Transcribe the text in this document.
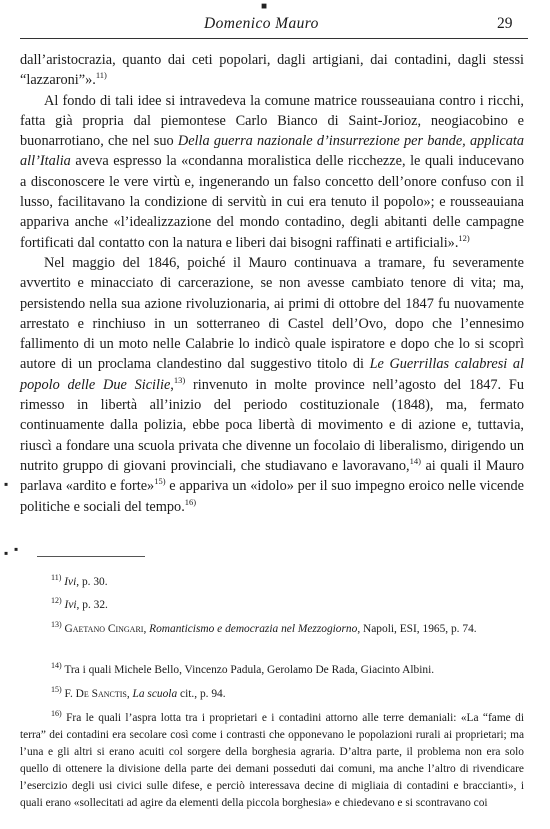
■
Domenico Mauro	29

dall’aristocrazia, quanto dai ceti popolari, dagli artigiani, dai contadini, dagli stessi “lazzaroni”».$^{11)}$

Al fondo di tali idee si intravedeva la comune matrice rousseauiana contro i ricchi, fatta già propria dal piemontese Carlo Bianco di Saint-Jorioz, neogiacobino e buonarrotiano, che nel suo Della guerra nazionale d’insurrezione per bande, applicata all’Italia aveva espresso la «condanna moralistica delle ricchezze, le quali inducevano a disconoscere le vere virtù e, ingenerando un falso concetto dell’onore confuso con il lusso, facilitavano la condizione di servitù in cui era tenuto il popolo»; e rousseauiana appariva anche «l’idealizzazione del mondo contadino, degli abitanti delle campagne fortificati dal contatto con la natura e liberi dai bisogni raffinati e artificiali».$^{12)}$

Nel maggio del 1846, poiché il Mauro continuava a tramare, fu severamente avvertito e minacciato di carcerazione, se non avesse cambiato tenore di vita; ma, persistendo nella sua azione rivoluzionaria, ai primi di ottobre del 1847 fu nuovamente arrestato e rinchiuso in un sotterraneo di Castel dell’Ovo, dopo che l’ennesimo fallimento di un moto nelle Calabrie lo indicò quale ispiratore e dopo che lo si scoprì autore di un proclama clandestino dal suggestivo titolo di Le Guerrillas calabresi al popolo delle Due Sicilie,$^{13)}$ rinvenuto in molte province nell’agosto del 1847. Fu rimesso in libertà all’inizio del periodo costituzionale (1848), ma, fermato continuamente dalla polizia, ebbe poca libertà di movimento e di azione e, tuttavia, riuscì a fondare una scuola privata che divenne un focolaio di liberalismo, dirigendo un nutrito gruppo di giovani provinciali, che studiavano e lavoravano,$^{14)}$ ai quali il Mauro parlava «ardito e forte»$^{15)}$ e appariva un «idolo» per il suo impegno eroico nelle vicende politiche e sociali del tempo.$^{16)}$

▪
▪ ▪
$^{11)}$ Ivi, p. 30.
$^{12)}$ Ivi, p. 32.
$^{13)}$ Gaetano Cingari, Romanticismo e democrazia nel Mezzogiorno, Napoli, ESI, 1965, p. 74.
$^{14)}$ Tra i quali Michele Bello, Vincenzo Padula, Gerolamo De Rada, Giacinto Albini.
$^{15)}$ F. De Sanctis, La scuola cit., p. 94.
$^{16)}$ Fra le quali l’aspra lotta tra i proprietari e i contadini attorno alle terre demaniali: «La “fame di terra” dei contadini era secolare così come i contrasti che opponevano le popolazioni rurali ai proprietari; ma l’una e gli altri si erano acuiti col sorgere della borghesia agraria. D’altra parte, il problema non era solo quello di ottenere la divisione della parte dei demani posseduti dai comuni, ma anche l’altro di rivendicare l’esercizio degli usi civici sulle difese, e perciò interessava decine di migliaia di contadini e braccianti», i quali erano «sollecitati ad agire da elementi della piccola borghesia» e chiedevano e si scontravano coi
